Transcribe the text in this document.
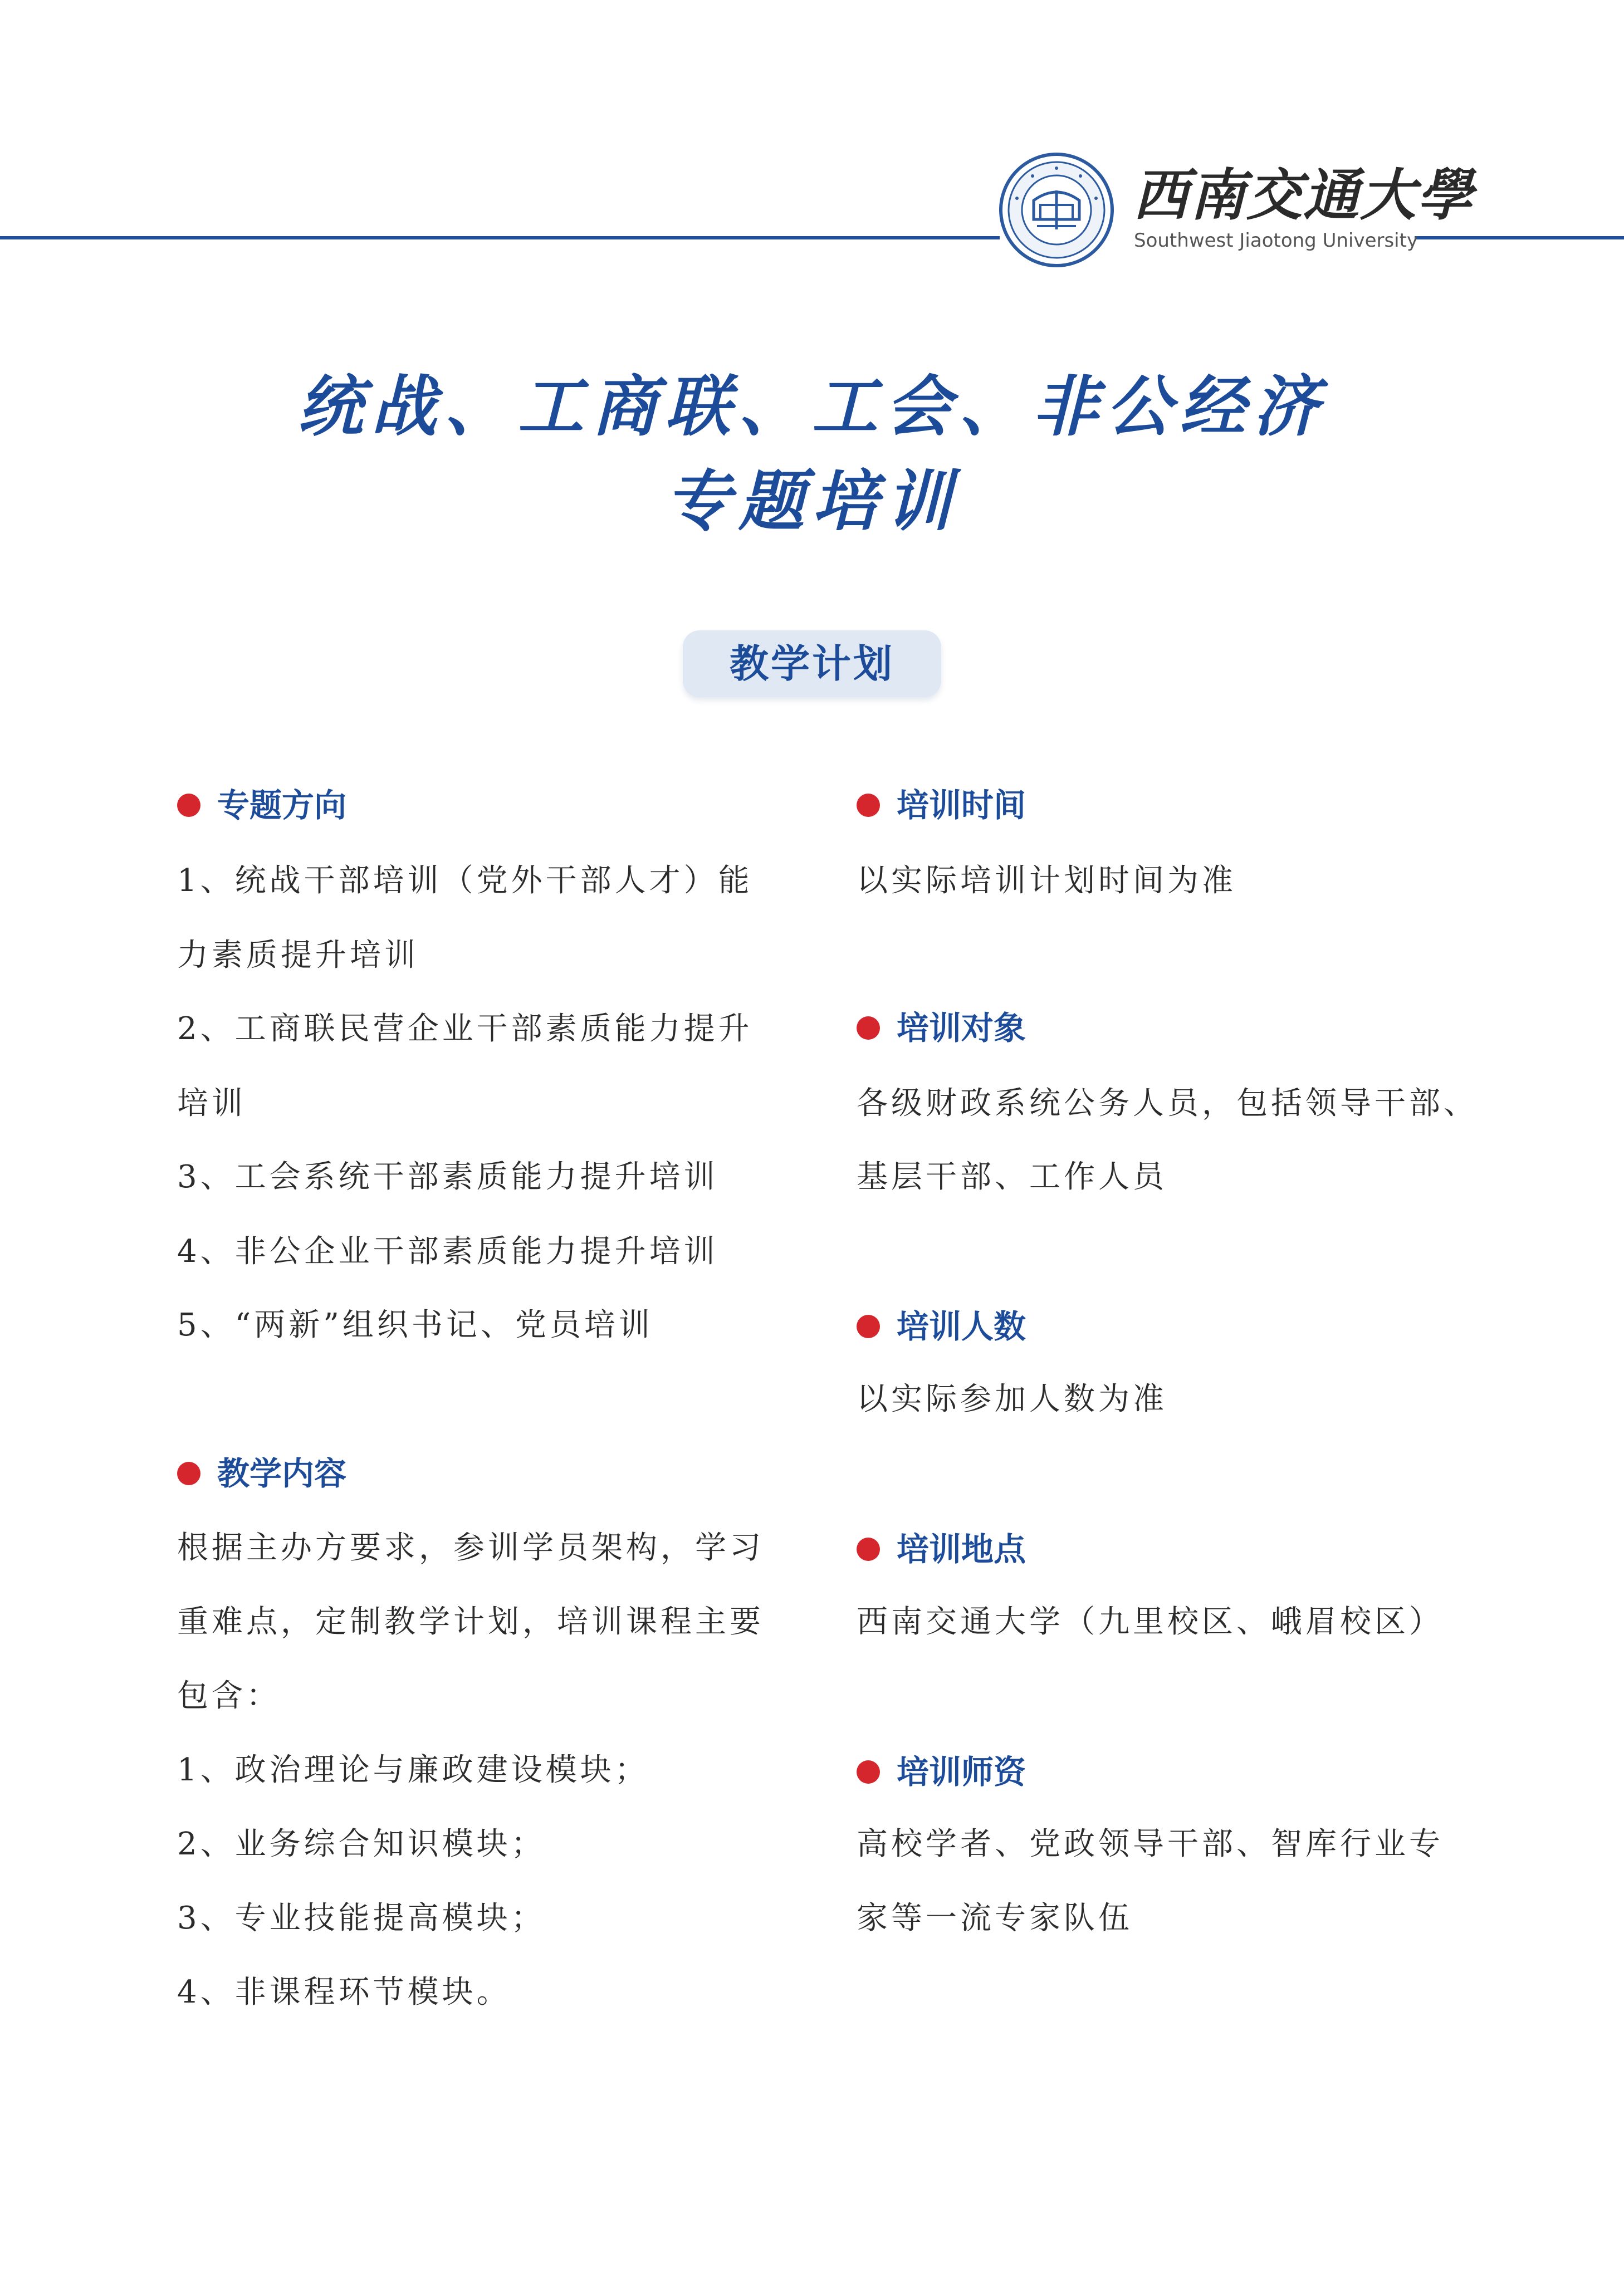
西南交通大學
Southwest Jiaotong University
统战、工商联、工会、非公经济
专题培训
教学计划
专题方向
1、统战干部培训（党外干部人才）能
力素质提升培训
2、工商联民营企业干部素质能力提升
培训
3、工会系统干部素质能力提升培训
4、非公企业干部素质能力提升培训
5、“两新”组织书记、党员培训
教学内容
根据主办方要求，参训学员架构，学习
重难点，定制教学计划，培训课程主要
包含：
1、政治理论与廉政建设模块；
2、业务综合知识模块；
3、专业技能提高模块；
4、非课程环节模块。
培训时间
以实际培训计划时间为准
培训对象
各级财政系统公务人员，包括领导干部、
基层干部、工作人员
培训人数
以实际参加人数为准
培训地点
西南交通大学（九里校区、峨眉校区）
培训师资
高校学者、党政领导干部、智库行业专
家等一流专家队伍
